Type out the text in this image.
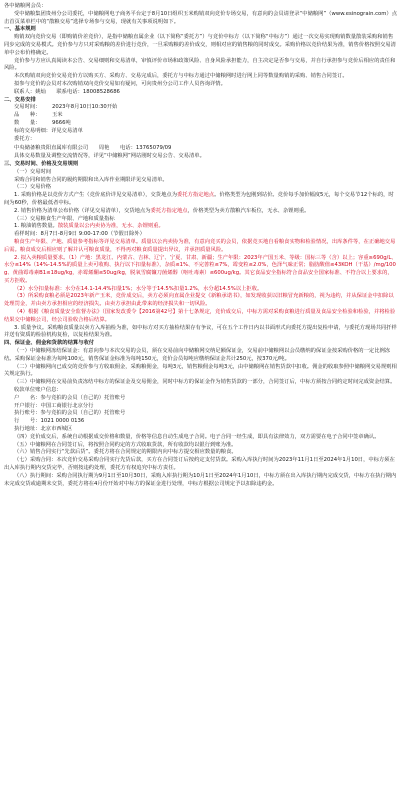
各中储粮网会员：

受中储粮集团贵州分公司委托，中储粮网电子商务平台定于8月10日组织玉米购销双向竞价专场交易，有意向的会员请登录“中储粮网”（www.esinograin.com）点击首页菜单栏中的“散粮交易”选择专场参与交易，现就有关事项说明如下。

一、基本规则

购销双向竞价交易（即购销价差竞价），是指中储粮直属企业（以下简称“委托方”）与竞价中标方（以下简称“中标方”）通过一次交易实现购销数量散装采购和销售同步完成的交易模式。竞价参与方只对采购粮的差价进行竞价，一旦采购粮的差价成交，则相对应的销售粮的同时成交。采购价格以竞价结果为准，销售价格按照交易清单中公布价格确定。

竞价参与方应认真阅读本公告、交易细则和交易清单，审慎评价市场和政策风险、自身风险承担能力，自主决定是否参与交易，并自行承担参与竞价后相应的责任和风险。

本次购销双向竞价交易竞价方以购买方、采购方、交易完成后，委托方与中标方通过中储粮网时进行网上同等数量购销的采购、销售合同签订。

拟参与竞价的会员对本次购销双向竞价交易如有疑问，可向贵州分公司工作人员咨询详情。

联系人：姚灿　　联系电话：18008528686

二、交易安排

交易时间： 2023年8月10日10:30开始

品　　种： 玉米

数　　量： 9666吨

标的交易明细：详见交易清单

委托方：

中央储备粮贵阳直属库有限公司　　 周艳　　电话：13765079/09

具体交易数量及调整交流情况等，详见“中储粮网”网站刚时交易公告、交易清单。

三、交易时间、价格及交易规则

（一）交易时间

采购合同和销售合同的履约期限和出入库作业期限详见交易清单。

（二）交易价格

1. 采购价格是以竞价方式产生（竞价底价详见交易清单），交货地点为委托方指定地点。价格类型为包刚到站价。竞价每手加价幅度5元，每个交易节12个标的，时间为60秒，价格最低者中标。

2. 销售价格为清单公布价格（详见交易清单），交货地点为委托方指定地点，价格类型为卖方散粮汽车板位，无水、杂锂则重。

（三）交易粮食生产年限、产地和质量指标

1. 粮油销售数量。散装质量以公内卖协为准，无水、杂锂则重。

看样时间：8月7日-8月9日 9:00-17:00（节假日除外）

粮食生产年限、产地、质量参考指标等详见交易清单。质量以公内卖协为准，有意向竞买的会员，依据竞买地自看粮食实物和检验情况，出库条件等，在正确地交易后需。粮食成交后相应则了解并认可粮食质量，不得再对粮食质量提出异议，并承担质量风险。

2. 拟入卖粮质量要求。（1）产地：黑龙江、内蒙古、吉林、辽宁、宁夏、甘肃、新疆；生产年限：2023年产国玉米、等级：国标三等（含）以上；容重≥690g/L、水分≤14%（14%-14.5%的质量上卖可收购、执行以下扣量标准），杂质≤1%、不完善粒≤7%，霉变粒≤2.0%，色泽气味正常；脂肪酸值≤43KOH（干基）/mg/100g、黄曲霉毒素B1≤18ug/kg，赤霉烯酮≤50ug/kg，脱氧雪腐镰刀菌烯醇（呕吐毒素）≤600ug/kg。其它食品安全指标符合食品安全国家标准、不符合以上要求的，买方拒收。

（2）水分扣量标准：水分在14.1-14.4%扣量1%；水分等于14.5%扣量1.2%，水分超14.5%以上拒收。

（3）所采购食粮必须是2023年新产玉米，竞价成交后，卖方必须向直属企业提交《新粮承诺书》，如发现收获以旧粮冒充新粮的，视为违约，并从保证金中扣除以处理罚金，并由卖方承担相应的经济损失。由卖方承担由此带来的经济损失和一切风险。

（4）根据《粮食质量安全监督办法》（国家发改委令【2016第42号】第十七条规定，竞价成交后，中标方需对采购食粮进行质量及食品安全检验和检验，并将检验结果交中储粮公司，经公司验收合格后结算。

3. 质量争议。采购粮食质量以卖方入库抽检为准，如中标方对买方抽检结果存有争议，可在五个工作日内以书面形式向委托方提出复检申请，与委托方现场共同扦样并送有资质的检验机构复检，以复检结果为准。

四、保证金、佣金和货款的结算与收付

（一）中储粮网冻结保证金：有意向参与本次交易的会员，须在交易前向中储粮网交纳足额保证金，交易前中储粮网以会员缴纳的保证金按采购价格的一定比例冻结。采购保证金标准为每吨100元，销售保证金标准为每吨150元，竞价会员每吨应缴纳保证金共计250元，按370元/吨。

（二）中储粮网向已成交的竞价参与方收取佣金，采购粮佣金，每吨3元，销售粮佣金每吨3元，由中储粮网在销售货款中扣收。佣金的收取参照中储粮网交易规则相关规定执行。

（三）中储粮网在交易前负责冻结中标方的保证金及交易佣金，同时中标方的保证金作为销售货款的一部分，合同签订后，中标方须按合同约定时间完成资金结算。

收款单位账户信息：

户　　名：参与竞拍的会员（自己的）托管账号

开户银行：中国工商银行北京分行

执行账号：参与竞拍的会员（自己的）托管账号

行　　号：1021 0000 0136

执行地址：北京市西城区

（四）竞价成交后，系统自动根据成交价格和数量，价格等信息自动生成电子合同。电子合同一经生成，即具有法律效力，双方需要在电子合同中签章确认。

（五）中储粮网在合同签订后，将按照合同约定的方式收取货款，所有收款均以银行到账为准。

（六）销售合同实行“先款后货”。委托方将在合同规定的期限内向中标方提交相应数量的粮食。

（七）采购合同：本次竞价交易采购合同实行先货后款，买方在合同签订后按约定支付货款。采购入库执行时间为2023年11月1日至2024年1月10日，中标方须在出入库执行期内交货完毕，否则按违约处理，委托方有权追究中标方责任。

（八）执行期间：采购合同执行期为9月1日至10月30日，采购入库执行期为10月1日至2024年1月10日，中标方须在出入库执行期内完成交货，中标方在执行期内未完成交货或逾期未交货，委托方将在4月份开始对中标方的保证金进行处理，中标方根据公司规定予以扣除违约金。
